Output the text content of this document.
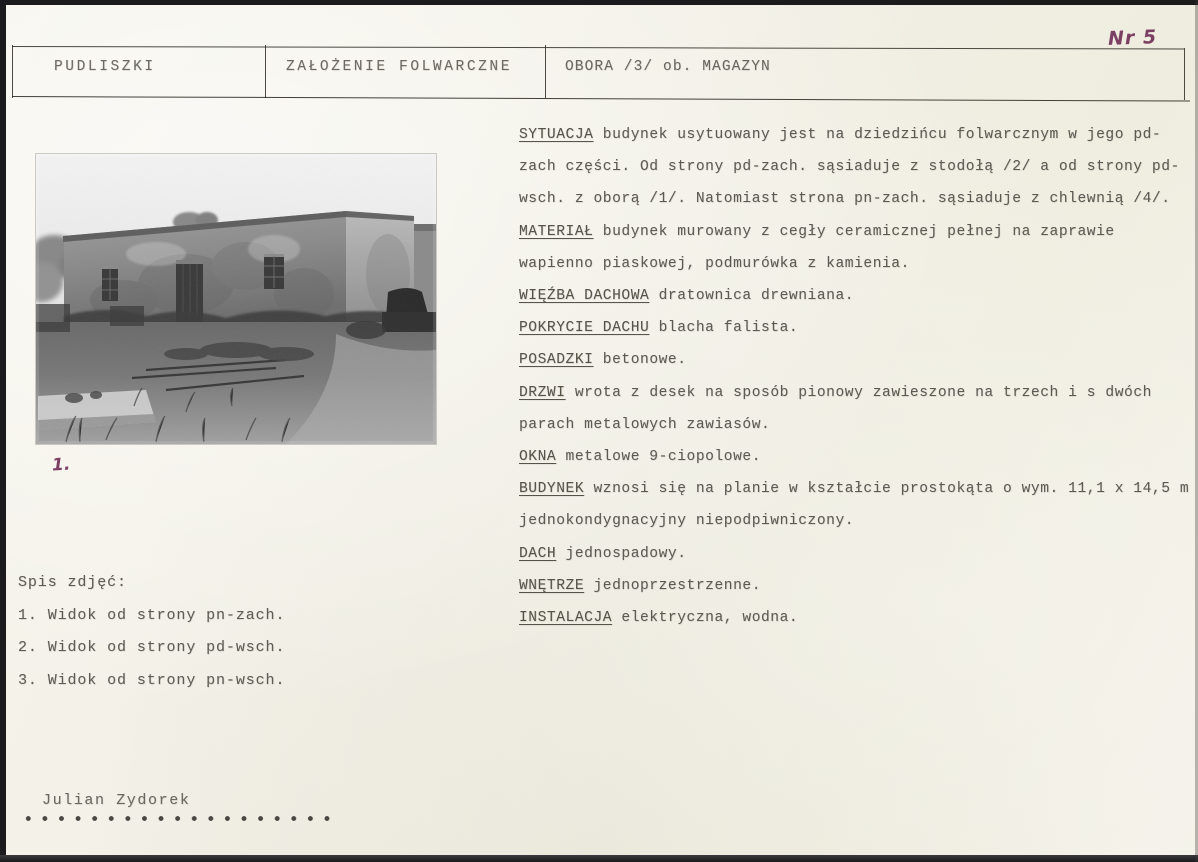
Nr 5
PUDLISZKI	ZAŁOŻENIE FOLWARCZNE	OBORA /3/ ob. MAGAZYN
1.
Spis zdjęć:
1. Widok od strony pn-zach.
2. Widok od strony pd-wsch.
3. Widok od strony pn-wsch.
Julian Zydorek
SYTUACJA budynek usytuowany jest na dziedzińcu folwarcznym w jego pd-zach części. Od strony pd-zach. sąsiaduje z stodołą /2/ a od strony pd-wsch. z oborą /1/. Natomiast strona pn-zach. sąsiaduje z chlewnią /4/.
MATERIAŁ budynek murowany z cegły ceramicznej pełnej na zaprawie wapienno piaskowej, podmurówka z kamienia.
WIĘŹBA DACHOWA dratownica drewniana.
POKRYCIE DACHU blacha falista.
POSADZKI betonowe.
DRZWI wrota z desek na sposób pionowy zawieszone na trzech i s dwóch parach metalowych zawiasów.
OKNA metalowe 9-ciopolowe.
BUDYNEK wznosi się na planie w kształcie prostokąta o wym. 11,1 x 14,5 m jednokondygnacyjny niepodpiwniczony.
DACH jednospadowy.
WNĘTRZE jednoprzestrzenne.
INSTALACJA elektryczna, wodna.
